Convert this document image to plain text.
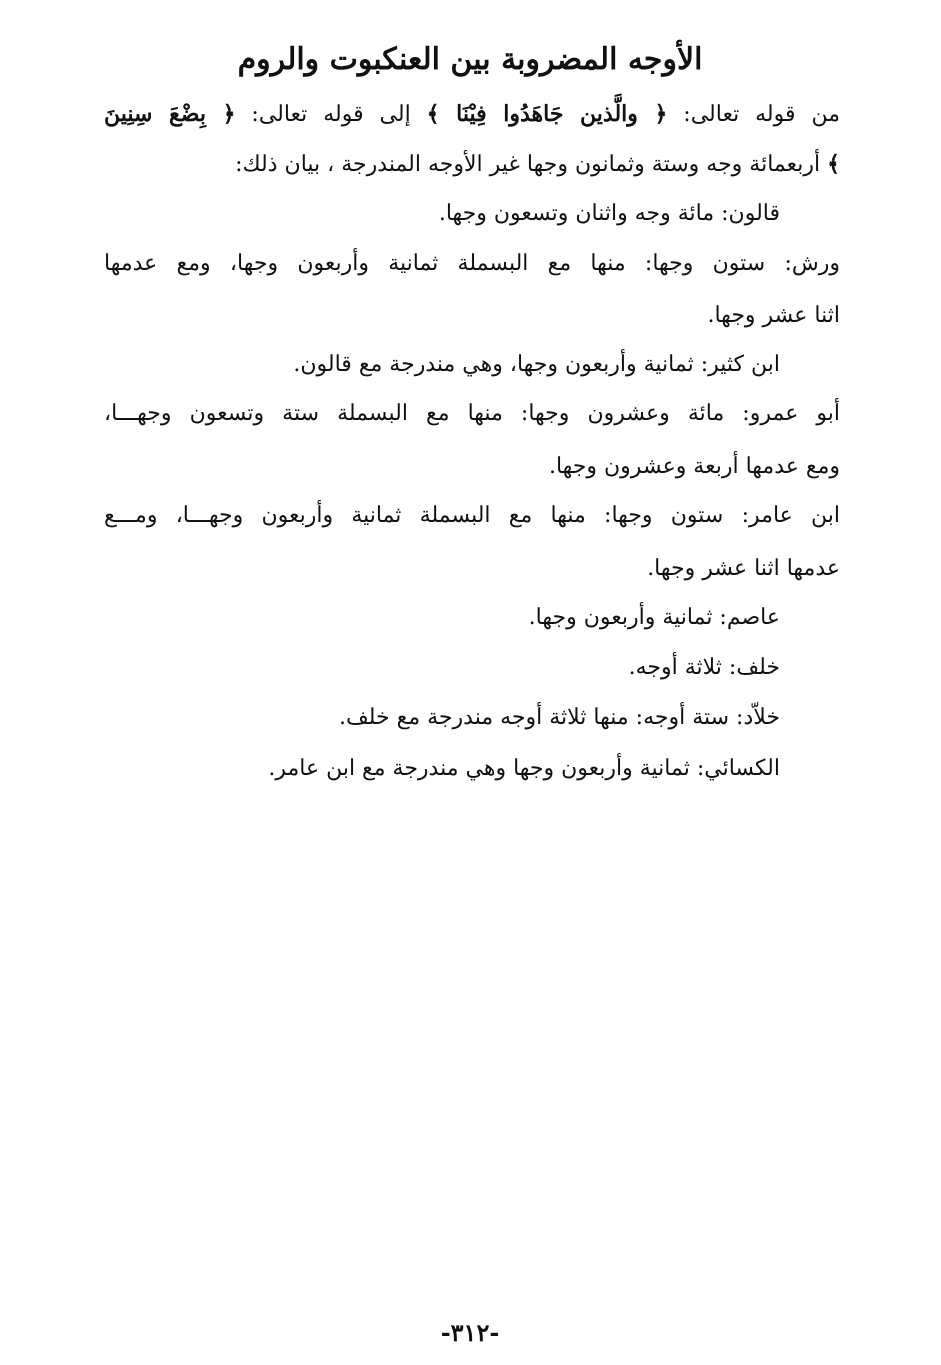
الأوجه المضروبة بين العنكبوت والروم
من قوله تعالى: ﴿ والَّذين جَاهَدُوا فِيْنَا ﴾ إلى قوله تعالى: ﴿ بِضْعَ سِنِينَ
﴾ أربعمائة وجه وستة وثمانون وجها غير الأوجه المندرجة ، بيان ذلك:
قالون: مائة وجه واثنان وتسعون وجها.
ورش: ستون وجها: منها مع البسملة ثمانية وأربعون وجها، ومع عدمها
اثنا عشر وجها.
ابن كثير: ثمانية وأربعون وجها، وهي مندرجة مع قالون.
أبو عمرو: مائة وعشرون وجها: منها مع البسملة ستة وتسعون وجهـــا،
ومع عدمها أربعة وعشرون وجها.
ابن عامر: ستون وجها: منها مع البسملة ثمانية وأربعون وجهـــا، ومـــع
عدمها اثنا عشر وجها.
عاصم: ثمانية وأربعون وجها.
خلف: ثلاثة أوجه.
خلاّد: ستة أوجه: منها ثلاثة أوجه مندرجة مع خلف.
الكسائي: ثمانية وأربعون وجها وهي مندرجة مع ابن عامر.
-٣١٢-
